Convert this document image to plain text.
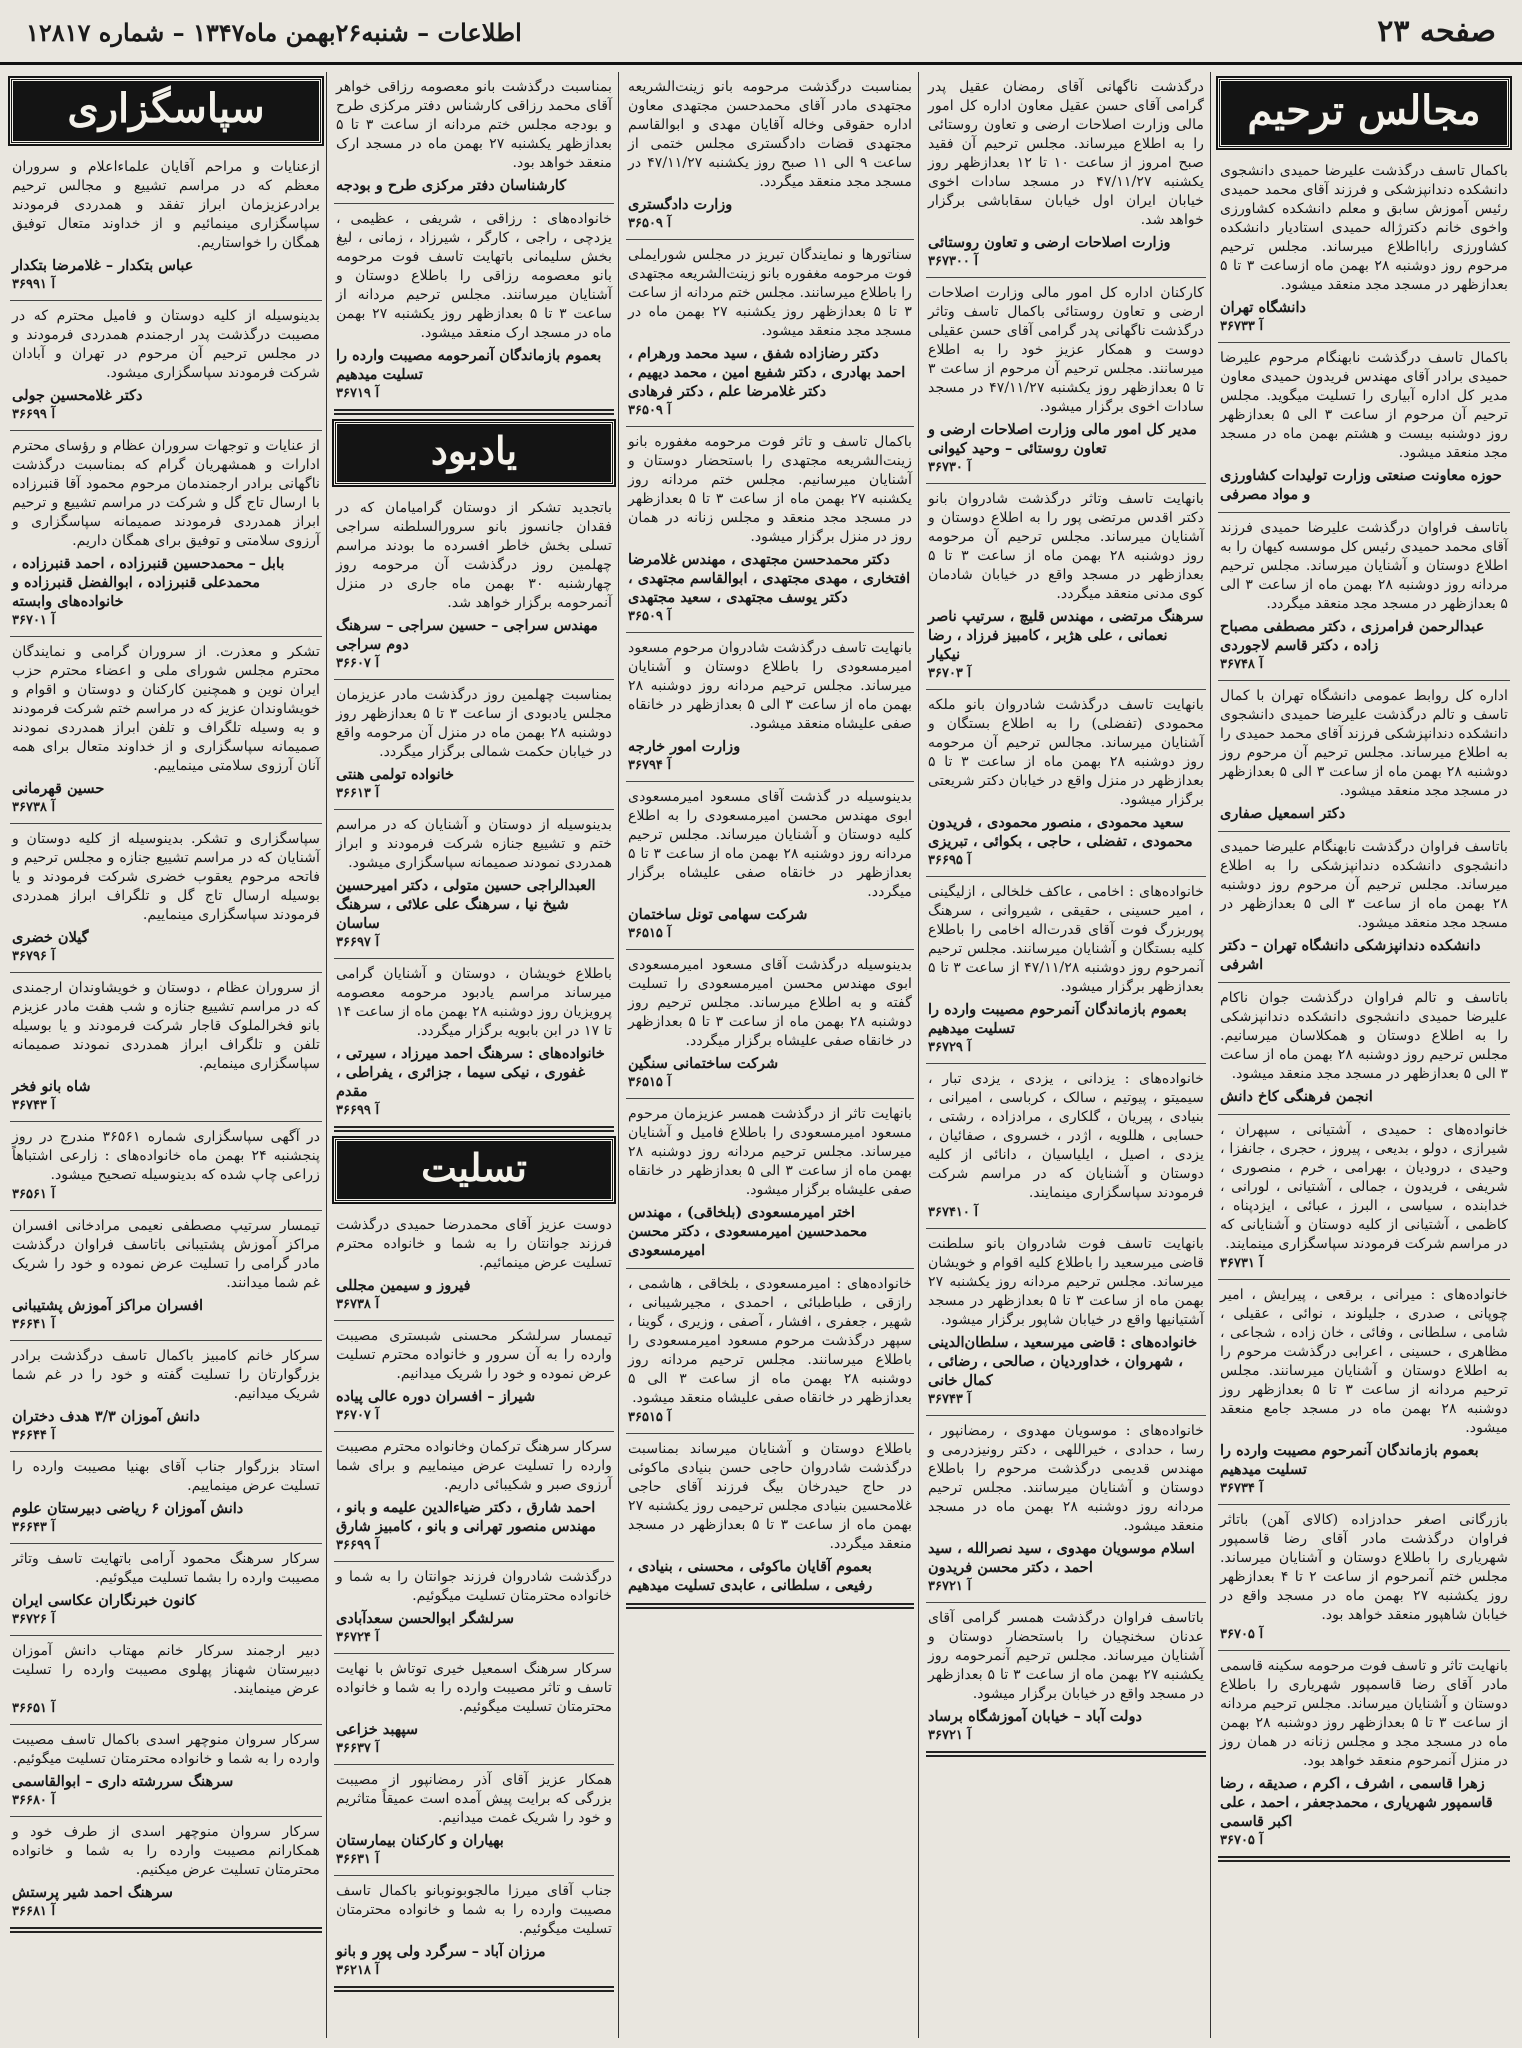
صفحه ۲۳
اطلاعات – شنبه۲۶بهمن ماه۱۳۴۷ – شماره ۱۲۸۱۷
مجالس ترحیم

باکمال تاسف درگذشت علیرضا حمیدی دانشجوی دانشکده دندانپزشکی و فرزند آقای محمد حمیدی رئیس آموزش سابق و معلم دانشکده کشاورزی واخوی خانم دکترژاله حمیدی استادیار دانشکده کشاورزی رابااطلاع میرساند. مجلس ترحیم مرحوم روز دوشنبه ۲۸ بهمن ماه ازساعت ۳ تا ۵ بعدازظهر در مسجد مجد منعقد میشود.

دانشگاه تهران
۳۶۷۳۳ آ

باکمال تاسف درگذشت نابهنگام مرحوم علیرضا حمیدی برادر آقای مهندس فریدون حمیدی معاون مدیر کل اداره آبیاری را تسلیت میگوید. مجلس ترحیم آن مرحوم از ساعت ۳ الی ۵ بعدازظهر روز دوشنبه بیست و هشتم بهمن ماه در مسجد مجد منعقد میشود.

حوزه معاونت صنعتی وزارت تولیدات کشاورزی و مواد مصرفی

باتاسف فراوان درگذشت علیرضا حمیدی فرزند آقای محمد حمیدی رئیس کل موسسه کیهان را به اطلاع دوستان و آشنایان میرساند. مجلس ترحیم مردانه روز دوشنبه ۲۸ بهمن ماه از ساعت ۳ الی ۵ بعدازظهر در مسجد مجد منعقد میگردد.

عبدالرحمن فرامرزی ، دکتر مصطفی مصباح زاده ، دکتر قاسم لاجوردی
۳۶۷۴۸ آ

اداره کل روابط عمومی دانشگاه تهران با کمال تاسف و تالم درگذشت علیرضا حمیدی دانشجوی دانشکده دندانپزشکی فرزند آقای محمد حمیدی را به اطلاع میرساند. مجلس ترحیم آن مرحوم روز دوشنبه ۲۸ بهمن ماه از ساعت ۳ الی ۵ بعدازظهر در مسجد مجد منعقد میشود.

دکتر اسمعیل صفاری

باتاسف فراوان درگذشت نابهنگام علیرضا حمیدی دانشجوی دانشکده دندانپزشکی را به اطلاع میرساند. مجلس ترحیم آن مرحوم روز دوشنبه ۲۸ بهمن ماه از ساعت ۳ الی ۵ بعدازظهر در مسجد مجد منعقد میشود.

دانشکده دندانپزشکی دانشگاه تهران – دکتر اشرفی

باتاسف و تالم فراوان درگذشت جوان ناکام علیرضا حمیدی دانشجوی دانشکده دندانپزشکی را به اطلاع دوستان و همکلاسان میرسانیم. مجلس ترحیم روز دوشنبه ۲۸ بهمن ماه از ساعت ۳ الی ۵ بعدازظهر در مسجد مجد منعقد میشود.

انجمن فرهنگی کاخ دانش

خانواده‌های : حمیدی ، آشتیانی ، سپهران ، شیرازی ، دولو ، بدیعی ، پیروز ، حجری ، جانفزا ، وحیدی ، درودیان ، بهرامی ، خرم ، منصوری ، شریفی ، فریدون ، جمالی ، آشتیانی ، لورانی ، خدابنده ، سیاسی ، البرز ، عبائی ، ایزدپناه ، کاظمی ، آشتیانی از کلیه دوستان و آشنایانی که در مراسم شرکت فرمودند سپاسگزاری مینمایند.

۳۶۷۳۱ آ

خانواده‌های : میرانی ، برقعی ، پیرایش ، امیر چوپانی ، صدری ، جلیلوند ، نوائی ، عقیلی ، شامی ، سلطانی ، وفائی ، خان زاده ، شجاعی ، مظاهری ، حسینی ، اعرابی درگذشت مرحوم را به اطلاع دوستان و آشنایان میرسانند. مجلس ترحیم مردانه از ساعت ۳ تا ۵ بعدازظهر روز دوشنبه ۲۸ بهمن ماه در مسجد جامع منعقد میشود.

بعموم بازماندگان آنمرحوم مصیبت وارده را تسلیت میدهیم
۳۶۷۳۴ آ

بازرگانی اصغر حدادزاده (کالای آهن) باتاثر فراوان درگذشت مادر آقای رضا قاسمپور شهریاری را باطلاع دوستان و آشنایان میرساند. مجلس ختم آنمرحوم از ساعت ۲ تا ۴ بعدازظهر روز یکشنبه ۲۷ بهمن ماه در مسجد واقع در خیابان شاهپور منعقد خواهد بود.

۳۶۷۰۵ آ

بانهایت تاثر و تاسف فوت مرحومه سکینه قاسمی مادر آقای رضا قاسمپور شهریاری را باطلاع دوستان و آشنایان میرساند. مجلس ترحیم مردانه از ساعت ۳ تا ۵ بعدازظهر روز دوشنبه ۲۸ بهمن ماه در مسجد مجد و مجلس زنانه در همان روز در منزل آنمرحوم منعقد خواهد بود.

زهرا قاسمی ، اشرف ، اکرم ، صدیقه ، رضا قاسمپور شهریاری ، محمدجعفر ، احمد ، علی اکبر قاسمی
۳۶۷۰۵ آ

درگذشت ناگهانی آقای رمضان عقیل پدر گرامی آقای حسن عقیل معاون اداره کل امور مالی وزارت اصلاحات ارضی و تعاون روستائی را به اطلاع میرساند. مجلس ترحیم آن فقید صبح امروز از ساعت ۱۰ تا ۱۲ بعدازظهر روز یکشنبه ۴۷/۱۱/۲۷ در مسجد سادات اخوی خیابان ایران اول خیابان سقاباشی برگزار خواهد شد.

وزارت اصلاحات ارضی و تعاون روستائی
۳۶۷۳۰۰ آ

کارکنان اداره کل امور مالی وزارت اصلاحات ارضی و تعاون روستائی باکمال تاسف وتاثر درگذشت ناگهانی پدر گرامی آقای حسن عقیلی دوست و همکار عزیز خود را به اطلاع میرسانند. مجلس ترحیم آن مرحوم از ساعت ۳ تا ۵ بعدازظهر روز یکشنبه ۴۷/۱۱/۲۷ در مسجد سادات اخوی برگزار میشود.

مدیر کل امور مالی وزارت اصلاحات ارضی و تعاون روستائی – وحید کیوانی
۳۶۷۳۰ آ

بانهایت تاسف وتاثر درگذشت شادروان بانو دکتر اقدس مرتضی پور را به اطلاع دوستان و آشنایان میرساند. مجلس ترحیم آن مرحومه روز دوشنبه ۲۸ بهمن ماه از ساعت ۳ تا ۵ بعدازظهر در مسجد واقع در خیابان شادمان کوی مدنی منعقد میگردد.

سرهنگ مرتضی ، مهندس قلیچ ، سرتیپ ناصر نعمانی ، علی هژبر ، کامبیز فرزاد ، رضا نیکیار
۳۶۷۰۳ آ

بانهایت تاسف درگذشت شادروان بانو ملکه محمودی (تفضلی) را به اطلاع بستگان و آشنایان میرساند. مجالس ترحیم آن مرحومه روز دوشنبه ۲۸ بهمن ماه از ساعت ۳ تا ۵ بعدازظهر در منزل واقع در خیابان دکتر شریعتی برگزار میشود.

سعید محمودی ، منصور محمودی ، فریدون محمودی ، تفضلی ، حاجی ، بکوائی ، تبریزی
۳۶۶۹۵ آ

خانواده‌های : اخامی ، عاکف خلخالی ، ازلیگینی ، امیر حسینی ، حقیقی ، شیروانی ، سرهنگ پوربزرگ فوت آقای قدرت‌اله اخامی را باطلاع کلیه بستگان و آشنایان میرسانند. مجلس ترحیم آنمرحوم روز دوشنبه ۴۷/۱۱/۲۸ از ساعت ۳ تا ۵ بعدازظهر برگزار میشود.

بعموم بازماندگان آنمرحوم مصیبت وارده را تسلیت میدهیم
۳۶۷۲۹ آ

خانواده‌های : یزدانی ، یزدی ، یزدی تبار ، سیمیتو ، پیوتیم ، سالک ، کرباسی ، امیرانی ، بنیادی ، پیریان ، گلکاری ، مرادزاده ، رشتی ، حسابی ، هللویه ، اژدر ، خسروی ، صفائیان ، یزدی ، اصیل ، ایلیاسیان ، دانائی از کلیه دوستان و آشنایان که در مراسم شرکت فرمودند سپاسگزاری مینمایند.

۳۶۷۴۱۰ آ

بانهایت تاسف فوت شادروان بانو سلطنت قاضی میرسعید را باطلاع کلیه اقوام و خویشان میرساند. مجلس ترحیم مردانه روز یکشنبه ۲۷ بهمن ماه از ساعت ۳ تا ۵ بعدازظهر در مسجد آشتیانیها واقع در خیابان شاپور برگزار میشود.

خانواده‌های : قاضی میرسعید ، سلطان‌الدینی ، شهروان ، خداوردیان ، صالحی ، رضائی ، کمال خانی
۳۶۷۴۳ آ

خانواده‌های : موسویان مهدوی ، رمضانپور ، رسا ، حدادی ، خیراللهی ، دکتر رونیزدرمی و مهندس قدیمی درگذشت مرحوم را باطلاع دوستان و آشنایان میرسانند. مجلس ترحیم مردانه روز دوشنبه ۲۸ بهمن ماه در مسجد منعقد میشود.

اسلام موسویان مهدوی ، سید نصرالله ، سید احمد ، دکتر محسن فریدون
۳۶۷۲۱ آ

باتاسف فراوان درگذشت همسر گرامی آقای عدنان سخنچیان را باستحضار دوستان و آشنایان میرساند. مجلس ترحیم آنمرحومه روز یکشنبه ۲۷ بهمن ماه از ساعت ۳ تا ۵ بعدازظهر در مسجد واقع در خیابان برگزار میشود.

دولت آباد – خیابان آموزشگاه برساد
۳۶۷۲۱ آ

بمناسبت درگذشت مرحومه بانو زینت‌الشریعه مجتهدی مادر آقای محمدحسن مجتهدی معاون اداره حقوقی وخاله آقایان مهدی و ابوالقاسم مجتهدی قضات دادگستری مجلس ختمی از ساعت ۹ الی ۱۱ صبح روز یکشنبه ۴۷/۱۱/۲۷ در مسجد مجد منعقد میگردد.

وزارت دادگستری
۳۶۵۰۹ آ

سناتورها و نمایندگان تبریز در مجلس شورایملی فوت مرحومه مغفوره بانو زینت‌الشریعه مجتهدی را باطلاع میرسانند. مجلس ختم مردانه از ساعت ۳ تا ۵ بعدازظهر روز یکشنبه ۲۷ بهمن ماه در مسجد مجد منعقد میشود.

دکتر رضازاده شفق ، سید محمد ورهرام ، احمد بهادری ، دکتر شفیع امین ، محمد دیهیم ، دکتر غلامرضا علم ، دکتر فرهادی
۳۶۵۰۹ آ

باکمال تاسف و تاثر فوت مرحومه مغفوره بانو زینت‌الشریعه مجتهدی را باستحضار دوستان و آشنایان میرسانیم. مجلس ختم مردانه روز یکشنبه ۲۷ بهمن ماه از ساعت ۳ تا ۵ بعدازظهر در مسجد مجد منعقد و مجلس زنانه در همان روز در منزل برگزار میشود.

دکتر محمدحسن مجتهدی ، مهندس غلامرضا افتخاری ، مهدی مجتهدی ، ابوالقاسم مجتهدی ، دکتر یوسف مجتهدی ، سعید مجتهدی
۳۶۵۰۹ آ

بانهایت تاسف درگذشت شادروان مرحوم مسعود امیرمسعودی را باطلاع دوستان و آشنایان میرساند. مجلس ترحیم مردانه روز دوشنبه ۲۸ بهمن ماه از ساعت ۳ الی ۵ بعدازظهر در خانقاه صفی علیشاه منعقد میشود.

وزارت امور خارجه
۳۶۷۹۴ آ

بدینوسیله در گذشت آقای مسعود امیرمسعودی ابوی مهندس محسن امیرمسعودی را به اطلاع کلیه دوستان و آشنایان میرساند. مجلس ترحیم مردانه روز دوشنبه ۲۸ بهمن ماه از ساعت ۳ تا ۵ بعدازظهر در خانقاه صفی علیشاه برگزار میگردد.

شرکت سهامی تونل ساختمان
۳۶۵۱۵ آ

بدینوسیله درگذشت آقای مسعود امیرمسعودی ابوی مهندس محسن امیرمسعودی را تسلیت گفته و به اطلاع میرساند. مجلس ترحیم روز دوشنبه ۲۸ بهمن ماه از ساعت ۳ تا ۵ بعدازظهر در خانقاه صفی علیشاه برگزار میگردد.

شرکت ساختمانی سنگین
۳۶۵۱۵ آ

بانهایت تاثر از درگذشت همسر عزیزمان مرحوم مسعود امیرمسعودی را باطلاع فامیل و آشنایان میرساند. مجلس ترحیم مردانه روز دوشنبه ۲۸ بهمن ماه از ساعت ۳ الی ۵ بعدازظهر در خانقاه صفی علیشاه برگزار میشود.

اختر امیرمسعودی (بلخاقی) ، مهندس محمدحسین امیرمسعودی ، دکتر محسن امیرمسعودی

خانواده‌های : امیرمسعودی ، بلخاقی ، هاشمی ، رازقی ، طباطبائی ، احمدی ، مجیرشیبانی ، شهیر ، جعفری ، افشار ، آصفی ، وزیری ، گوینا ، سپهر درگذشت مرحوم مسعود امیرمسعودی را باطلاع میرسانند. مجلس ترحیم مردانه روز دوشنبه ۲۸ بهمن ماه از ساعت ۳ الی ۵ بعدازظهر در خانقاه صفی علیشاه منعقد میشود.

۳۶۵۱۵ آ

باطلاع دوستان و آشنایان میرساند بمناسبت درگذشت شادروان حاجی حسن بنیادی ماکوئی در حاج حیدرخان بیگ فرزند آقای حاجی غلامحسین بنیادی مجلس ترحیمی روز یکشنبه ۲۷ بهمن ماه از ساعت ۳ تا ۵ بعدازظهر در مسجد منعقد میگردد.

بعموم آقایان ماکوئی ، محسنی ، بنیادی ، رفیعی ، سلطانی ، عابدی تسلیت میدهیم

بمناسبت درگذشت بانو معصومه رزاقی خواهر آقای محمد رزاقی کارشناس دفتر مرکزی طرح و بودجه مجلس ختم مردانه از ساعت ۳ تا ۵ بعدازظهر یکشنبه ۲۷ بهمن ماه در مسجد ارک منعقد خواهد بود.

کارشناسان دفتر مرکزی طرح و بودجه

خانواده‌های : رزاقی ، شریفی ، عظیمی ، یزدچی ، راجی ، کارگر ، شیرزاد ، زمانی ، لیغ بخش سلیمانی باتهایت تاسف فوت مرحومه بانو معصومه رزاقی را باطلاع دوستان و آشنایان میرسانند. مجلس ترحیم مردانه از ساعت ۳ تا ۵ بعدازظهر روز یکشنبه ۲۷ بهمن ماه در مسجد ارک منعقد میشود.

بعموم بازماندگان آنمرحومه مصیبت وارده را تسلیت میدهیم
۳۶۷۱۹ آ
یادبود

باتجدید تشکر از دوستان گرامیامان که در فقدان جانسوز بانو سرورالسلطنه سراجی تسلی بخش خاطر افسرده ما بودند مراسم چهلمین روز درگذشت آن مرحومه روز چهارشنبه ۳۰ بهمن ماه جاری در منزل آنمرحومه برگزار خواهد شد.

مهندس سراجی – حسین سراجی – سرهنگ دوم سراجی
۳۶۶۰۷ آ

بمناسبت چهلمین روز درگذشت مادر عزیزمان مجلس یادبودی از ساعت ۳ تا ۵ بعدازظهر روز دوشنبه ۲۸ بهمن ماه در منزل آن مرحومه واقع در خیابان حکمت شمالی برگزار میگردد.

خانواده تولمی هنتی
۳۶۶۱۳ آ

بدینوسیله از دوستان و آشنایان که در مراسم ختم و تشییع جنازه شرکت فرمودند و ابراز همدردی نمودند صمیمانه سپاسگزاری میشود.

العبدالراجی حسین متولی ، دکتر امیرحسین شیخ نیا ، سرهنگ علی علائی ، سرهنگ ساسان
۳۶۶۹۷ آ

باطلاع خویشان ، دوستان و آشنایان گرامی میرساند مراسم یادبود مرحومه معصومه پرویزیان روز دوشنبه ۲۸ بهمن ماه از ساعت ۱۴ تا ۱۷ در ابن بابویه برگزار میگردد.

خانواده‌های : سرهنگ احمد میرزاد ، سیرتی ، غفوری ، نیکی سیما ، جزائری ، یفراطی ، مقدم
۳۶۶۹۹ آ
تسلیت

دوست عزیز آقای محمدرضا حمیدی درگذشت فرزند جوانتان را به شما و خانواده محترم تسلیت عرض مینمائیم.

فیروز و سیمین مجللی
۳۶۷۳۸ آ

تیمسار سرلشکر محسنی شبستری مصیبت وارده را به آن سرور و خانواده محترم تسلیت عرض نموده و خود را شریک میدانیم.

شیراز – افسران دوره عالی پیاده
۳۶۷۰۷ آ

سرکار سرهنگ ترکمان وخانواده محترم مصیبت وارده را تسلیت عرض مینماییم و برای شما آرزوی صبر و شکیبائی داریم.

احمد شارق ، دکتر ضیاءالدین علیمه و بانو ، مهندس منصور تهرانی و بانو ، کامبیز شارق
۳۶۶۹۹ آ

درگذشت شادروان فرزند جوانتان را به شما و خانواده محترمتان تسلیت میگوئیم.

سرلشگر ابوالحسن سعدآبادی
۳۶۷۲۴ آ

سرکار سرهنگ اسمعیل خیری توتاش با نهایت تاسف و تاثر مصیبت وارده را به شما و خانواده محترمتان تسلیت میگوئیم.

سپهبد خزاعی
۳۶۶۳۷ آ

همکار عزیز آقای آذر رمضانپور از مصیبت بزرگی که برایت پیش آمده است عمیقاً متاثریم و خود را شریک غمت میدانیم.

بهیاران و کارکنان بیمارستان
۳۶۶۳۱ آ

جناب آقای میرزا مالجوبونوبانو باکمال تاسف مصیبت وارده را به شما و خانواده محترمتان تسلیت میگوئیم.

مرزان آباد – سرگرد ولی پور و بانو
۳۶۲۱۸ آ
سپاسگزاری

ازعنایات و مراحم آقایان علماءاعلام و سروران معظم که در مراسم تشییع و مجالس ترحیم برادرعزیزمان ابراز تفقد و همدردی فرمودند سپاسگزاری مینمائیم و از خداوند متعال توفیق همگان را خواستاریم.

عباس بتکدار – غلامرضا بتکدار
۳۶۹۹۱ آ

بدینوسیله از کلیه دوستان و فامیل محترم که در مصیبت درگذشت پدر ارجمندم همدردی فرمودند و در مجلس ترحیم آن مرحوم در تهران و آبادان شرکت فرمودند سپاسگزاری میشود.

دکتر غلامحسین جولی
۳۶۶۹۹ آ

از عنایات و توجهات سروران عظام و رؤسای محترم ادارات و همشهریان گرام که بمناسبت درگذشت ناگهانی برادر ارجمندمان مرحوم محمود آقا قنبرزاده با ارسال تاج گل و شرکت در مراسم تشییع و ترحیم ابراز همدردی فرمودند صمیمانه سپاسگزاری و آرزوی سلامتی و توفیق برای همگان داریم.

بابل – محمدحسین قنبرزاده ، احمد قنبرزاده ، محمدعلی قنبرزاده ، ابوالفضل قنبرزاده و خانواده‌های وابسته
۳۶۷۰۱ آ

تشکر و معذرت. از سروران گرامی و نمایندگان محترم مجلس شورای ملی و اعضاء محترم حزب ایران نوین و همچنین کارکنان و دوستان و اقوام و خویشاوندان عزیز که در مراسم ختم شرکت فرمودند و به وسیله تلگراف و تلفن ابراز همدردی نمودند صمیمانه سپاسگزاری و از خداوند متعال برای همه آنان آرزوی سلامتی مینماییم.

حسین قهرمانی
۳۶۷۳۸ آ

سپاسگزاری و تشکر. بدینوسیله از کلیه دوستان و آشنایان که در مراسم تشییع جنازه و مجلس ترحیم و فاتحه مرحوم یعقوب خضری شرکت فرمودند و یا بوسیله ارسال تاج گل و تلگراف ابراز همدردی فرمودند سپاسگزاری مینماییم.

گیلان خضری
۳۶۷۹۶ آ

از سروران عظام ، دوستان و خویشاوندان ارجمندی که در مراسم تشییع جنازه و شب هفت مادر عزیزم بانو فخرالملوک قاجار شرکت فرمودند و یا بوسیله تلفن و تلگراف ابراز همدردی نمودند صمیمانه سپاسگزاری مینمایم.

شاه بانو فخر
۳۶۷۴۳ آ

در آگهی سپاسگزاری شماره ۳۶۵۶۱ مندرج در روز پنجشنبه ۲۴ بهمن ماه خانواده‌های : زارعی اشتباهاً زراعی چاپ شده که بدینوسیله تصحیح میشود.

۳۶۵۶۱ آ

تیمسار سرتیپ مصطفی نعیمی مرادخانی افسران مراکز آموزش پشتیبانی باتاسف فراوان درگذشت مادر گرامی را تسلیت عرض نموده و خود را شریک غم شما میدانند.

افسران مراکز آموزش پشتیبانی
۳۶۶۴۱ آ

سرکار خانم کامبیز باکمال تاسف درگذشت برادر بزرگوارتان را تسلیت گفته و خود را در غم شما شریک میدانیم.

دانش آموزان ۳/۳ هدف دختران
۳۶۶۴۴ آ

استاد بزرگوار جناب آقای بهنیا مصیبت وارده را تسلیت عرض مینماییم.

دانش آموزان ۶ ریاضی دبیرستان علوم
۳۶۶۴۳ آ

سرکار سرهنگ محمود آرامی باتهایت تاسف وتاثر مصیبت وارده را بشما تسلیت میگوئیم.

کانون خبرنگاران عکاسی ایران
۳۶۷۲۶ آ

دبیر ارجمند سرکار خانم مهتاب دانش آموزان دبیرستان شهناز پهلوی مصیبت وارده را تسلیت عرض مینمایند.

۳۶۶۵۱ آ

سرکار سروان منوچهر اسدی باکمال تاسف مصیبت وارده را به شما و خانواده محترمتان تسلیت میگوئیم.

سرهنگ سررشته داری – ابوالقاسمی
۳۶۶۸۰ آ

سرکار سروان منوچهر اسدی از طرف خود و همکارانم مصیبت وارده را به شما و خانواده محترمتان تسلیت عرض میکنیم.

سرهنگ احمد شیر پرستش
۳۶۶۸۱ آ
